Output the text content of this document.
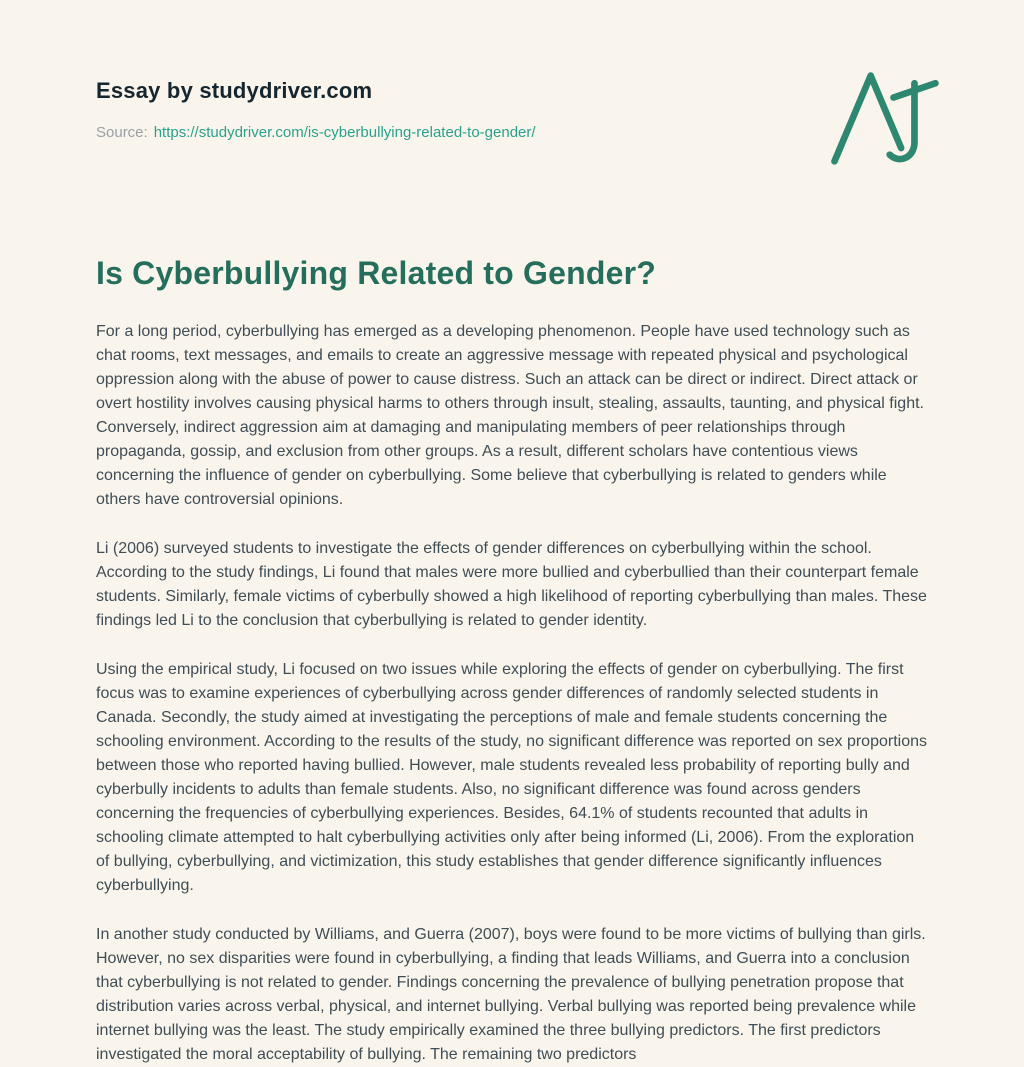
Essay by studydriver.com
Source: https://studydriver.com/is-cyberbullying-related-to-gender/
Is Cyberbullying Related to Gender?

For a long period, cyberbullying has emerged as a developing phenomenon. People have used technology such as chat rooms, text messages, and emails to create an aggressive message with repeated physical and psychological oppression along with the abuse of power to cause distress. Such an attack can be direct or indirect. Direct attack or overt hostility involves causing physical harms to others through insult, stealing, assaults, taunting, and physical fight. Conversely, indirect aggression aim at damaging and manipulating members of peer relationships through propaganda, gossip, and exclusion from other groups. As a result, different scholars have contentious views concerning the influence of gender on cyberbullying. Some believe that cyberbullying is related to genders while others have controversial opinions.

Li (2006) surveyed students to investigate the effects of gender differences on cyberbullying within the school. According to the study findings, Li found that males were more bullied and cyberbullied than their counterpart female students. Similarly, female victims of cyberbully showed a high likelihood of reporting cyberbullying than males. These findings led Li to the conclusion that cyberbullying is related to gender identity.

Using the empirical study, Li focused on two issues while exploring the effects of gender on cyberbullying. The first focus was to examine experiences of cyberbullying across gender differences of randomly selected students in Canada. Secondly, the study aimed at investigating the perceptions of male and female students concerning the schooling environment. According to the results of the study, no significant difference was reported on sex proportions between those who reported having bullied. However, male students revealed less probability of reporting bully and cyberbully incidents to adults than female students. Also, no significant difference was found across genders concerning the frequencies of cyberbullying experiences. Besides, 64.1% of students recounted that adults in schooling climate attempted to halt cyberbullying activities only after being informed (Li, 2006). From the exploration of bullying, cyberbullying, and victimization, this study establishes that gender difference significantly influences cyberbullying.

In another study conducted by Williams, and Guerra (2007), boys were found to be more victims of bullying than girls. However, no sex disparities were found in cyberbullying, a finding that leads Williams, and Guerra into a conclusion that cyberbullying is not related to gender. Findings concerning the prevalence of bullying penetration propose that distribution varies across verbal, physical, and internet bullying. Verbal bullying was reported being prevalence while internet bullying was the least. The study empirically examined the three bullying predictors. The first predictors investigated the moral acceptability of bullying. The remaining two predictors
